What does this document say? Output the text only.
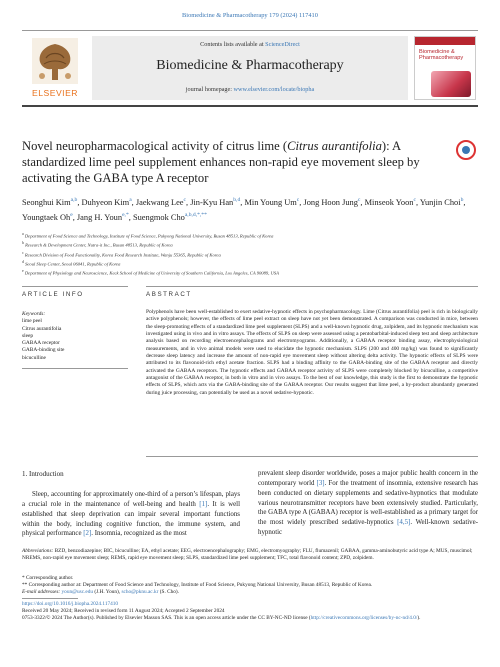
Biomedicine & Pharmacotherapy 179 (2024) 117410
ELSEVIER
Contents lists available at ScienceDirect
Biomedicine & Pharmacotherapy
journal homepage: www.elsevier.com/locate/biopha
Biomedicine & Pharmacotherapy
Novel neuropharmacological activity of citrus lime (Citrus aurantifolia): A standardized lime peel supplement enhances non-rapid eye movement sleep by activating the GABA type A receptor
Seonghui Kim$^{a,b}$, Duhyeon Kim$^a$, Jaekwang Lee$^c$, Jin-Kyu Han$^{b,d}$, Min Young Um$^c$, Jong Hoon Jung$^c$, Minseok Yoon$^c$, Yunjin Choi$^b$, Youngtaek Oh$^e$, Jang H. Youn$^{e,*}$, Suengmok Cho$^{a,b,d,*,**}$
$^a$ Department of Food Science and Technology, Institute of Food Science, Pukyong National University, Busan 48513, Republic of Korea
$^b$ Research & Development Center, Nutra-it Inc., Busan 48513, Republic of Korea
$^c$ Research Division of Food Functionality, Korea Food Research Institute, Wanju 55365, Republic of Korea
$^d$ Seoul Sleep Center, Seoul 06041, Republic of Korea
$^e$ Department of Physiology and Neuroscience, Keck School of Medicine of University of Southern California, Los Angeles, CA 90089, USA
ARTICLE INFO	ABSTRACT
Keywords:
lime peel
Citrus aurantifolia
sleep
GABAA receptor
GABA-binding site
bicuculline
Polyphenols have been well-established to exert sedative-hypnotic effects in psychopharmacology. Lime (Citrus aurantifolia) peel is rich in biologically active polyphenols; however, the effects of lime peel extract on sleep have not yet been demonstrated. A comparison was conducted in mice, between the sleep-promoting effects of a standardized lime peel supplement (SLPS) and a well-known hypnotic drug, zolpidem, and its hypnotic mechanism was investigated using in vivo and in vitro assays. The effects of SLPS on sleep were assessed using a pentobarbital-induced sleep test and sleep architecture analysis based on recording electroencephalograms and electromyograms. Additionally, a GABAA receptor binding assay, electrophysiological measurements, and in vivo animal models were used to elucidate the hypnotic mechanism. SLPS (200 and 400 mg/kg) was found to significantly decrease sleep latency and increase the amount of non-rapid eye movement sleep without altering delta activity. The hypnotic effects of SLPS were attributed to its flavonoid-rich ethyl acetate fraction. SLPS had a binding affinity to the GABA-binding site of the GABAA receptor and directly activated the GABAA receptors. The hypnotic effects and GABAA receptor activity of SLPS were completely blocked by bicuculline, a competitive antagonist of the GABAA receptor, in both in vitro and in vivo assays. To the best of our knowledge, this study is the first to demonstrate the hypnotic effects of SLPS, which acts via the GABA-binding site of the GABAA receptor. Our results suggest that lime peel, a by-product abundantly generated during juice processing, can potentially be used as a novel sedative-hypnotic.
1. Introduction
Sleep, accounting for approximately one-third of a person’s lifespan, plays a crucial role in the maintenance of well-being and health [1]. It is well established that sleep deprivation can impair several important functions within the body, including cognitive function, the immune system, and physical performance [2]. Insomnia, recognized as the most
prevalent sleep disorder worldwide, poses a major public health concern in the contemporary world [3]. For the treatment of insomnia, extensive research has been conducted on dietary supplements and sedative-hypnotics that modulate various neurotransmitter receptors have been extensively studied. Particularly, the GABA type A (GABAA) receptor is well-established as a primary target for the most widely prescribed sedative-hypnotics [4,5]. Well-known sedative-hypnotic
Abbreviations: BZD, benzodiazepine; BIC, bicuculline; EA, ethyl acetate; EEG, electroencephalography; EMG, electromyography; FLU, flumazenil; GABAA, gamma-aminobutyric acid type A; MUS, muscimol; NREMS, non-rapid eye movement sleep; REMS, rapid eye movement sleep; SLPS, standardized lime peel supplement; TFC, total flavonoid content; ZPD, zolpidem.
* Corresponding author.
** Corresponding author at: Department of Food Science and Technology, Institute of Food Science, Pukyong National University, Busan 48513, Republic of Korea.
E-mail addresses: youn@usc.edu (J.H. Youn), scho@pknu.ac.kr (S. Cho).
https://doi.org/10.1016/j.biopha.2024.117410
Received 20 May 2024; Received in revised form 11 August 2024; Accepted 2 September 2024
0753-3322/© 2024 The Author(s). Published by Elsevier Masson SAS. This is an open access article under the CC BY-NC-ND license (http://creativecommons.org/licenses/by-nc-nd/4.0/).
